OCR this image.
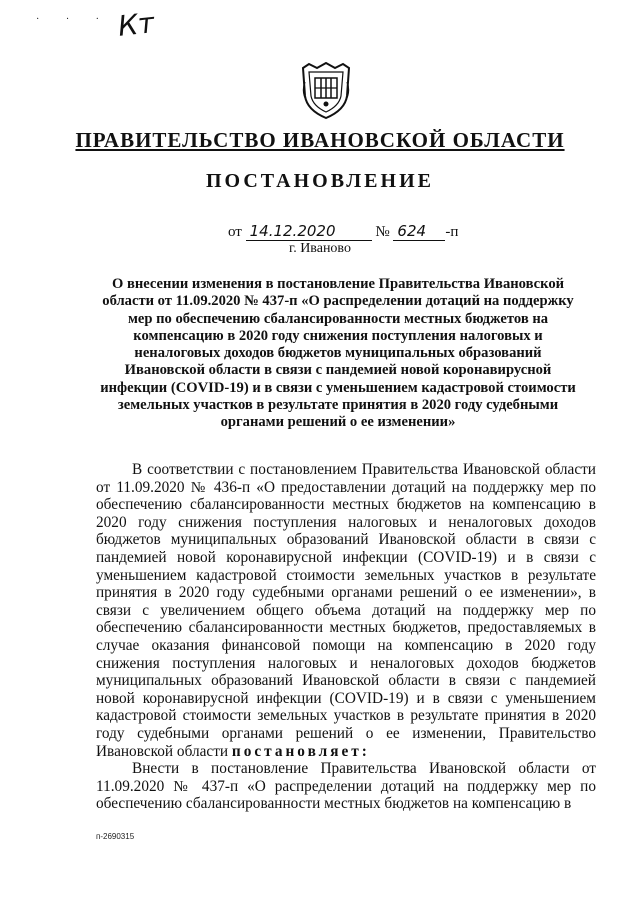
· · · Кт
ПРАВИТЕЛЬСТВО ИВАНОВСКОЙ ОБЛАСТИ
ПОСТАНОВЛЕНИЕ
от 14.12.2020	№ 624 -п
г. Иваново
О внесении изменения в постановление Правительства Ивановской области от 11.09.2020 № 437-п «О распределении дотаций на поддержку мер по обеспечению сбалансированности местных бюджетов на компенсацию в 2020 году снижения поступления налоговых и неналоговых доходов бюджетов муниципальных образований Ивановской области в связи с пандемией новой коронавирусной инфекции (COVID-19) и в связи с уменьшением кадастровой стоимости земельных участков в результате принятия в 2020 году судебными органами решений о ее изменении»

В соответствии с постановлением Правительства Ивановской области от 11.09.2020 № 436-п «О предоставлении дотаций на поддержку мер по обеспечению сбалансированности местных бюджетов на компенсацию в 2020 году снижения поступления налоговых и неналоговых доходов бюджетов муниципальных образований Ивановской области в связи с пандемией новой коронавирусной инфекции (COVID-19) и в связи с уменьшением кадастровой стоимости земельных участков в результате принятия в 2020 году судебными органами решений о ее изменении», в связи с увеличением общего объема дотаций на поддержку мер по обеспечению сбалансированности местных бюджетов, предоставляемых в случае оказания финансовой помощи на компенсацию в 2020 году снижения поступления налоговых и неналоговых доходов бюджетов муниципальных образований Ивановской области в связи с пандемией новой коронавирусной инфекции (COVID-19) и в связи с уменьшением кадастровой стоимости земельных участков в результате принятия в 2020 году судебными органами решений о ее изменении, Правительство Ивановской области постановляет:

Внести в постановление Правительства Ивановской области от 11.09.2020 № 437-п «О распределении дотаций на поддержку мер по обеспечению сбалансированности местных бюджетов на компенсацию в

п-2690315
